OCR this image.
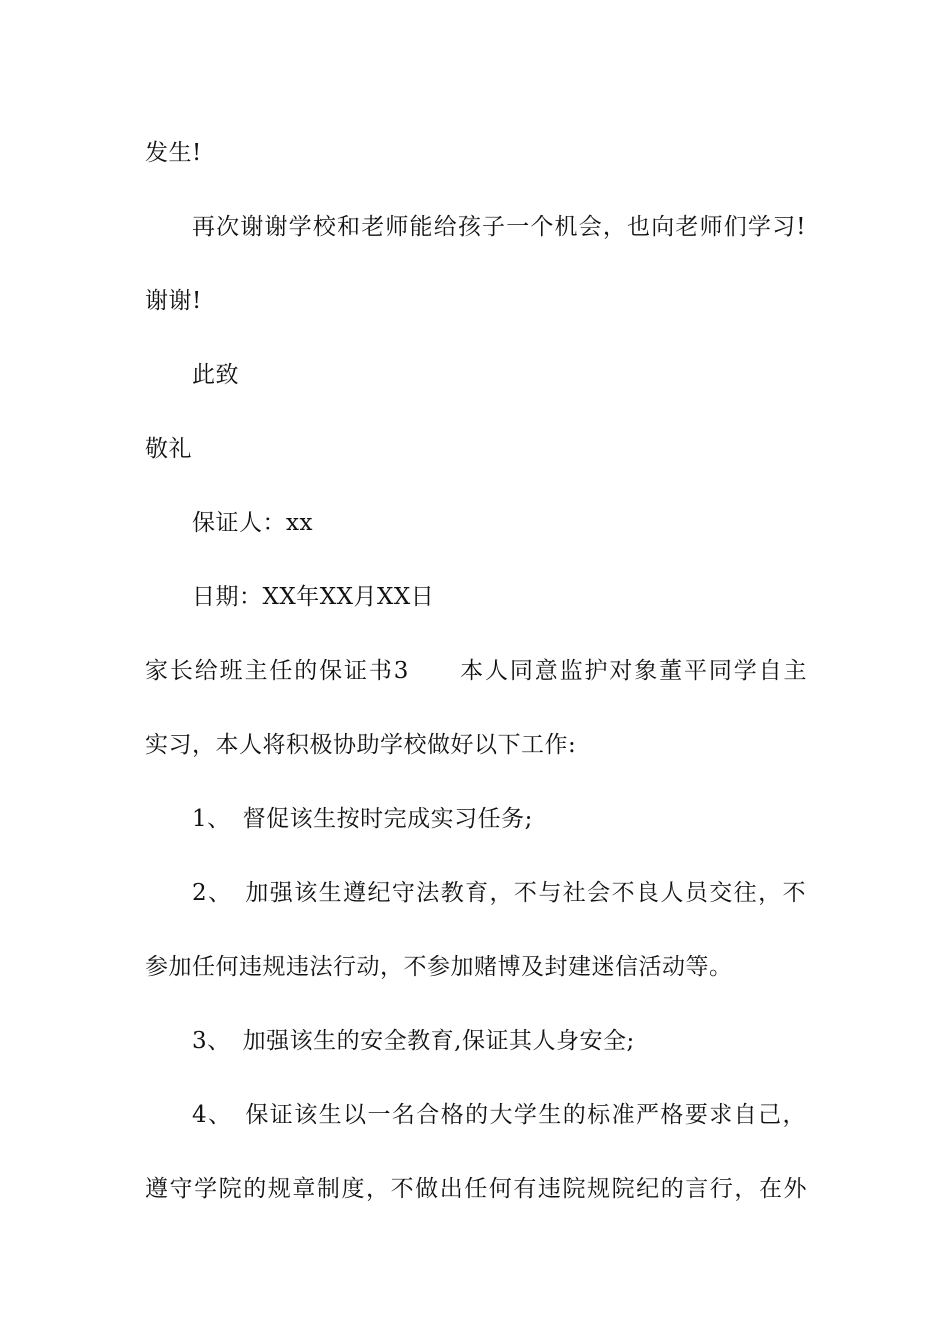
发生!
再次谢谢学校和老师能给孩子一个机会，也向老师们学习!
谢谢!
此致
敬礼
保证人：xx
日期：XX年XX月XX日
家长给班主任的保证书3　　本人同意监护对象董平同学自主
实习，本人将积极协助学校做好以下工作:
1、　督促该生按时完成实习任务;
2、　加强该生遵纪守法教育，不与社会不良人员交往，不
参加任何违规违法行动，不参加赌博及封建迷信活动等。
3、　加强该生的安全教育,保证其人身安全;
4、　保证该生以一名合格的大学生的标准严格要求自己，
遵守学院的规章制度，不做出任何有违院规院纪的言行，在外
